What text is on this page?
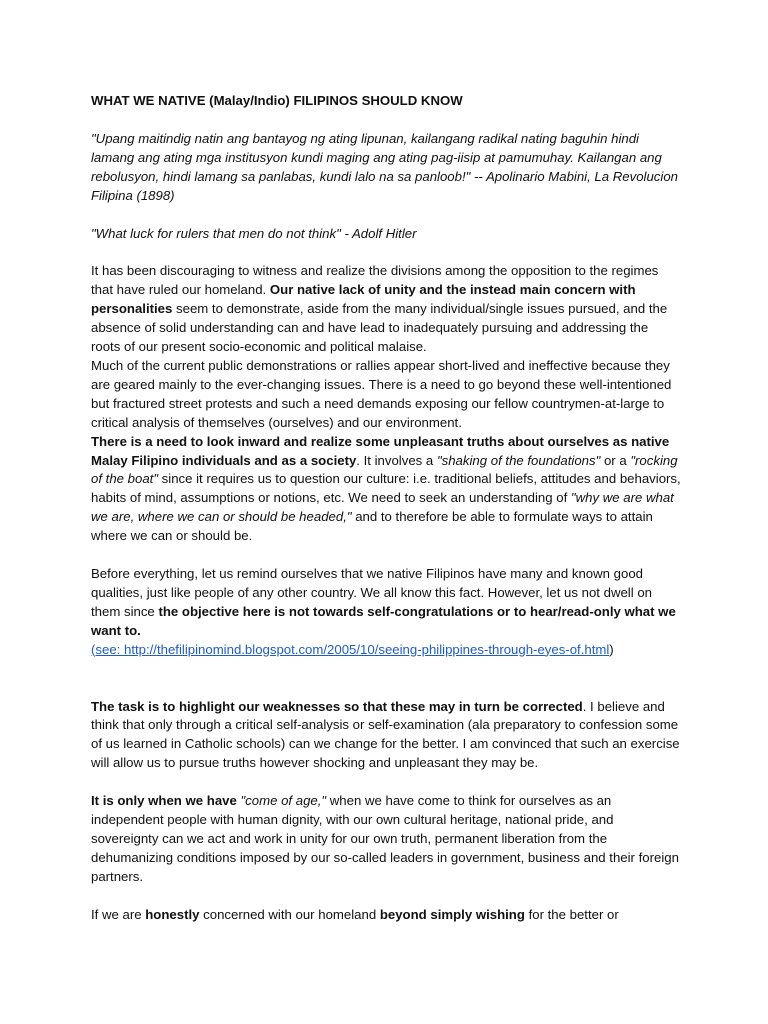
WHAT WE NATIVE (Malay/Indio) FILIPINOS SHOULD KNOW

"Upang maitindig natin ang bantayog ng ating lipunan, kailangang radikal nating baguhin hindi lamang ang ating mga institusyon kundi maging ang ating pag-iisip at pamumuhay. Kailangan ang rebolusyon, hindi lamang sa panlabas, kundi lalo na sa panloob!" -- Apolinario Mabini, La Revolucion Filipina (1898)

"What luck for rulers that men do not think" - Adolf Hitler

It has been discouraging to witness and realize the divisions among the opposition to the regimes that have ruled our homeland. Our native lack of unity and the instead main concern with personalities seem to demonstrate, aside from the many individual/single issues pursued, and the absence of solid understanding can and have lead to inadequately pursuing and addressing the roots of our present socio-economic and political malaise.

Much of the current public demonstrations or rallies appear short-lived and ineffective because they are geared mainly to the ever-changing issues. There is a need to go beyond these well-intentioned but fractured street protests and such a need demands exposing our fellow countrymen-at-large to critical analysis of themselves (ourselves) and our environment.

There is a need to look inward and realize some unpleasant truths about ourselves as native Malay Filipino individuals and as a society. It involves a "shaking of the foundations" or a "rocking of the boat" since it requires us to question our culture: i.e. traditional beliefs, attitudes and behaviors, habits of mind, assumptions or notions, etc. We need to seek an understanding of "why we are what we are, where we can or should be headed," and to therefore be able to formulate ways to attain where we can or should be.

Before everything, let us remind ourselves that we native Filipinos have many and known good qualities, just like people of any other country. We all know this fact. However, let us not dwell on them since the objective here is not towards self-congratulations or to hear/read-only what we want to.
(see: http://thefilipinomind.blogspot.com/2005/10/seeing-philippines-through-eyes-of.html)

The task is to highlight our weaknesses so that these may in turn be corrected. I believe and think that only through a critical self-analysis or self-examination (ala preparatory to confession some of us learned in Catholic schools) can we change for the better. I am convinced that such an exercise will allow us to pursue truths however shocking and unpleasant they may be.

It is only when we have "come of age," when we have come to think for ourselves as an independent people with human dignity, with our own cultural heritage, national pride, and sovereignty can we act and work in unity for our own truth, permanent liberation from the dehumanizing conditions imposed by our so-called leaders in government, business and their foreign partners.

If we are honestly concerned with our homeland beyond simply wishing for the better or
